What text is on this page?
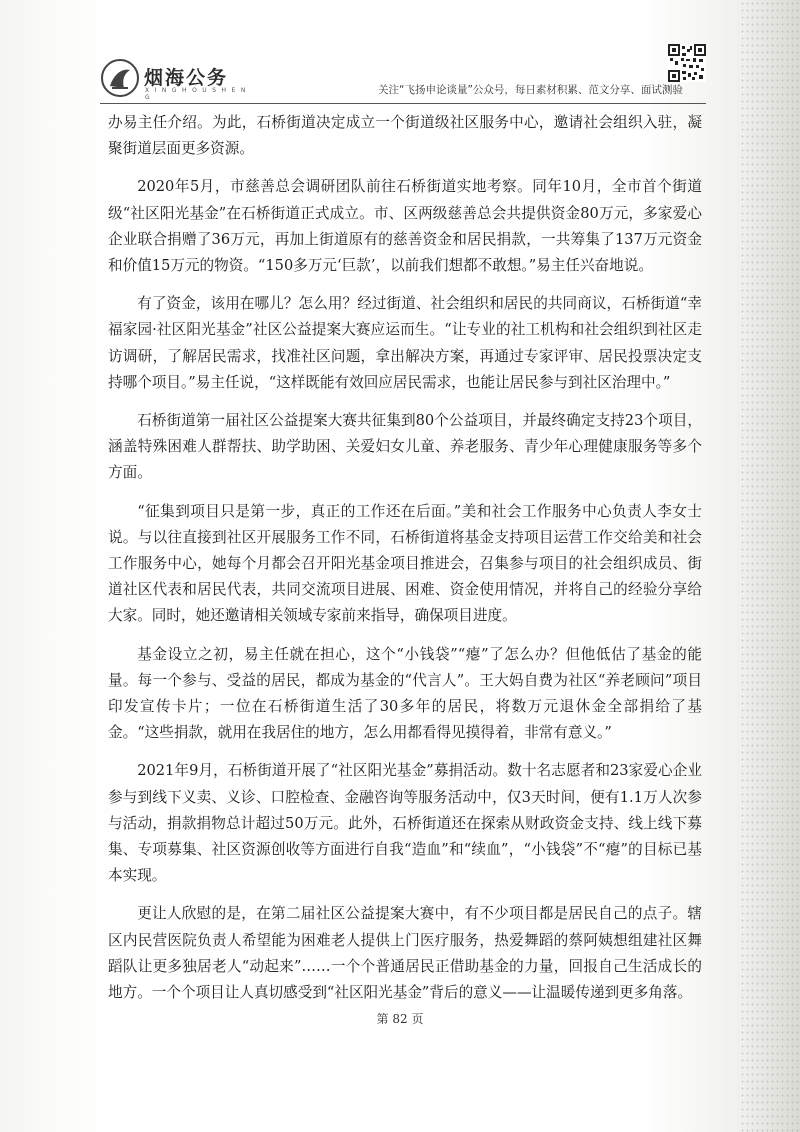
烟海公务
X I N G H O U S H E N G
关注“飞扬申论谈量”公众号，每日素材积累、范文分享、面试测验

办易主任介绍。为此，石桥街道决定成立一个街道级社区服务中心，邀请社会组织入驻，凝聚街道层面更多资源。

2020年5月，市慈善总会调研团队前往石桥街道实地考察。同年10月，全市首个街道级“社区阳光基金”在石桥街道正式成立。市、区两级慈善总会共提供资金80万元，多家爱心企业联合捐赠了36万元，再加上街道原有的慈善资金和居民捐款，一共筹集了137万元资金和价值15万元的物资。“150多万元‘巨款’，以前我们想都不敢想。”易主任兴奋地说。

有了资金，该用在哪儿？怎么用？经过街道、社会组织和居民的共同商议，石桥街道“幸福家园·社区阳光基金”社区公益提案大赛应运而生。“让专业的社工机构和社会组织到社区走访调研，了解居民需求，找准社区问题，拿出解决方案，再通过专家评审、居民投票决定支持哪个项目。”易主任说，“这样既能有效回应居民需求，也能让居民参与到社区治理中。”

石桥街道第一届社区公益提案大赛共征集到80个公益项目，并最终确定支持23个项目，涵盖特殊困难人群帮扶、助学助困、关爱妇女儿童、养老服务、青少年心理健康服务等多个方面。

“征集到项目只是第一步，真正的工作还在后面。”美和社会工作服务中心负责人李女士说。与以往直接到社区开展服务工作不同，石桥街道将基金支持项目运营工作交给美和社会工作服务中心，她每个月都会召开阳光基金项目推进会，召集参与项目的社会组织成员、街道社区代表和居民代表，共同交流项目进展、困难、资金使用情况，并将自己的经验分享给大家。同时，她还邀请相关领域专家前来指导，确保项目进度。

基金设立之初，易主任就在担心，这个“小钱袋”“瘪”了怎么办？但他低估了基金的能量。每一个参与、受益的居民，都成为基金的“代言人”。王大妈自费为社区“养老顾问”项目印发宣传卡片；一位在石桥街道生活了30多年的居民，将数万元退休金全部捐给了基金。“这些捐款，就用在我居住的地方，怎么用都看得见摸得着，非常有意义。”

2021年9月，石桥街道开展了“社区阳光基金”募捐活动。数十名志愿者和23家爱心企业参与到线下义卖、义诊、口腔检查、金融咨询等服务活动中，仅3天时间，便有1.1万人次参与活动，捐款捐物总计超过50万元。此外，石桥街道还在探索从财政资金支持、线上线下募集、专项募集、社区资源创收等方面进行自我“造血”和“续血”，“小钱袋”不“瘪”的目标已基本实现。

更让人欣慰的是，在第二届社区公益提案大赛中，有不少项目都是居民自己的点子。辖区内民营医院负责人希望能为困难老人提供上门医疗服务，热爱舞蹈的蔡阿姨想组建社区舞蹈队让更多独居老人“动起来”……一个个普通居民正借助基金的力量，回报自己生活成长的地方。一个个项目让人真切感受到“社区阳光基金”背后的意义——让温暖传递到更多角落。

第 82 页
